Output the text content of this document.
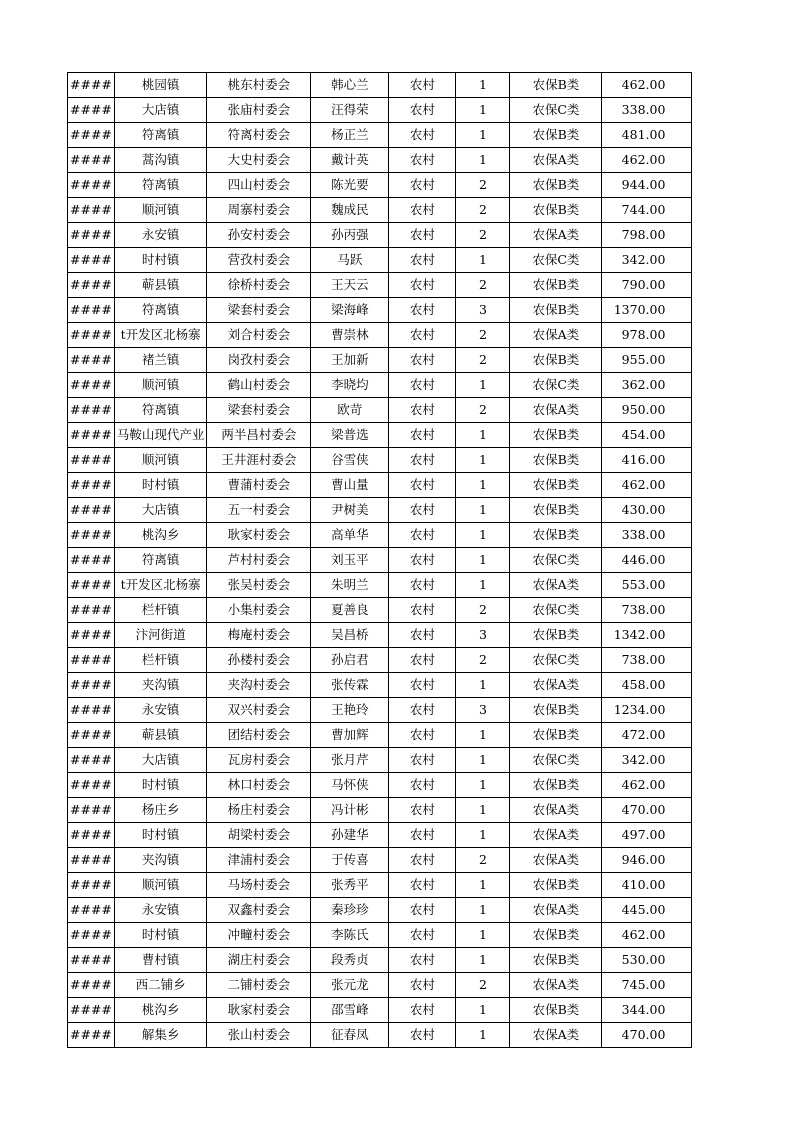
####	桃园镇	桃东村委会	韩心兰	农村	1	农保B类	462.00
####	大店镇	张庙村委会	汪得荣	农村	1	农保C类	338.00
####	符离镇	符离村委会	杨正兰	农村	1	农保B类	481.00
####	蒿沟镇	大史村委会	戴计英	农村	1	农保A类	462.00
####	符离镇	四山村委会	陈光要	农村	2	农保B类	944.00
####	顺河镇	周寨村委会	魏成民	农村	2	农保B类	744.00
####	永安镇	孙安村委会	孙丙强	农村	2	农保A类	798.00
####	时村镇	营孜村委会	马跃	农村	1	农保C类	342.00
####	蕲县镇	徐桥村委会	王天云	农村	2	农保B类	790.00
####	符离镇	梁套村委会	梁海峰	农村	3	农保B类	1370.00
####	t开发区北杨寨	刘合村委会	曹崇林	农村	2	农保A类	978.00
####	褚兰镇	岗孜村委会	王加新	农村	2	农保B类	955.00
####	顺河镇	鹤山村委会	李晓均	农村	1	农保C类	362.00
####	符离镇	梁套村委会	欧苛	农村	2	农保A类	950.00
####	马鞍山现代产业	两半昌村委会	梁普选	农村	1	农保B类	454.00
####	顺河镇	王井涯村委会	谷雪侠	农村	1	农保B类	416.00
####	时村镇	曹蒲村委会	曹山量	农村	1	农保B类	462.00
####	大店镇	五一村委会	尹树美	农村	1	农保B类	430.00
####	桃沟乡	耿家村委会	高单华	农村	1	农保B类	338.00
####	符离镇	芦村村委会	刘玉平	农村	1	农保C类	446.00
####	t开发区北杨寨	张吴村委会	朱明兰	农村	1	农保A类	553.00
####	栏杆镇	小集村委会	夏善良	农村	2	农保C类	738.00
####	汴河街道	梅庵村委会	吴昌桥	农村	3	农保B类	1342.00
####	栏杆镇	孙楼村委会	孙启君	农村	2	农保C类	738.00
####	夹沟镇	夹沟村委会	张传霖	农村	1	农保A类	458.00
####	永安镇	双兴村委会	王艳玲	农村	3	农保B类	1234.00
####	蕲县镇	团结村委会	曹加辉	农村	1	农保B类	472.00
####	大店镇	瓦房村委会	张月芹	农村	1	农保C类	342.00
####	时村镇	林口村委会	马怀侠	农村	1	农保B类	462.00
####	杨庄乡	杨庄村委会	冯计彬	农村	1	农保A类	470.00
####	时村镇	胡梁村委会	孙建华	农村	1	农保A类	497.00
####	夹沟镇	津浦村委会	于传喜	农村	2	农保A类	946.00
####	顺河镇	马场村委会	张秀平	农村	1	农保B类	410.00
####	永安镇	双鑫村委会	秦珍珍	农村	1	农保A类	445.00
####	时村镇	冲疃村委会	李陈氏	农村	1	农保B类	462.00
####	曹村镇	湖庄村委会	段秀贞	农村	1	农保B类	530.00
####	西二铺乡	二铺村委会	张元龙	农村	2	农保A类	745.00
####	桃沟乡	耿家村委会	邵雪峰	农村	1	农保B类	344.00
####	解集乡	张山村委会	征春凤	农村	1	农保A类	470.00
